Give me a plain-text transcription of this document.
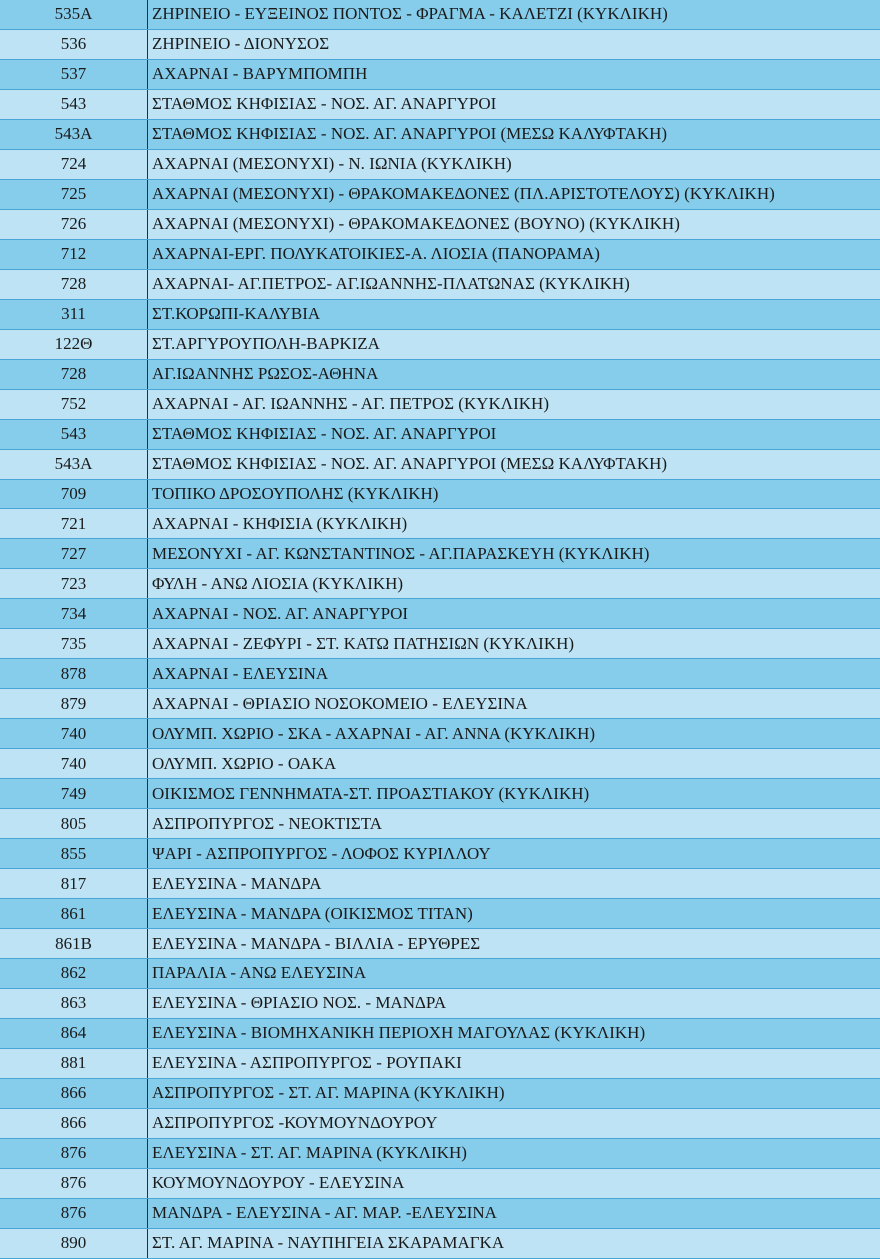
535Α	ΖΗΡΙΝΕΙΟ - ΕΥΞΕΙΝΟΣ ΠΟΝΤΟΣ - ΦΡΑΓΜΑ - ΚΑΛΕΤΖΙ (ΚΥΚΛΙΚΗ)
536	ΖΗΡΙΝΕΙΟ - ΔΙΟΝΥΣΟΣ
537	ΑΧΑΡΝΑΙ - ΒΑΡΥΜΠΟΜΠΗ
543	ΣΤΑΘΜΟΣ ΚΗΦΙΣΙΑΣ - ΝΟΣ. ΑΓ. ΑΝΑΡΓΥΡΟΙ
543Α	ΣΤΑΘΜΟΣ ΚΗΦΙΣΙΑΣ - ΝΟΣ. ΑΓ. ΑΝΑΡΓΥΡΟΙ (ΜΕΣΩ ΚΑΛΥΦΤΑΚΗ)
724	ΑΧΑΡΝΑΙ (ΜΕΣΟΝΥΧΙ) - Ν. ΙΩΝΙΑ (ΚΥΚΛΙΚΗ)
725	ΑΧΑΡΝΑΙ (ΜΕΣΟΝΥΧΙ) - ΘΡΑΚΟΜΑΚΕΔΟΝΕΣ (ΠΛ.ΑΡΙΣΤΟΤΕΛΟΥΣ) (ΚΥΚΛΙΚΗ)
726	ΑΧΑΡΝΑΙ (ΜΕΣΟΝΥΧΙ) - ΘΡΑΚΟΜΑΚΕΔΟΝΕΣ (ΒΟΥΝΟ) (ΚΥΚΛΙΚΗ)
712	ΑΧΑΡΝΑΙ-ΕΡΓ. ΠΟΛΥΚΑΤΟΙΚΙΕΣ-Α. ΛΙΟΣΙΑ (ΠΑΝΟΡΑΜΑ)
728	ΑΧΑΡΝΑΙ- ΑΓ.ΠΕΤΡΟΣ- ΑΓ.ΙΩΑΝΝΗΣ-ΠΛΑΤΩΝΑΣ (ΚΥΚΛΙΚΗ)
311	ΣΤ.ΚΟΡΩΠΙ-ΚΑΛΥΒΙΑ
122Θ	ΣΤ.ΑΡΓΥΡΟΥΠΟΛΗ-ΒΑΡΚΙΖΑ
728	ΑΓ.ΙΩΑΝΝΗΣ ΡΩΣΟΣ-ΑΘΗΝΑ
752	ΑΧΑΡΝΑΙ - ΑΓ. ΙΩΑΝΝΗΣ - ΑΓ. ΠΕΤΡΟΣ (ΚΥΚΛΙΚΗ)
543	ΣΤΑΘΜΟΣ ΚΗΦΙΣΙΑΣ - ΝΟΣ. ΑΓ. ΑΝΑΡΓΥΡΟΙ
543Α	ΣΤΑΘΜΟΣ ΚΗΦΙΣΙΑΣ - ΝΟΣ. ΑΓ. ΑΝΑΡΓΥΡΟΙ (ΜΕΣΩ ΚΑΛΥΦΤΑΚΗ)
709	ΤΟΠΙΚΟ ΔΡΟΣΟΥΠΟΛΗΣ (ΚΥΚΛΙΚΗ)
721	ΑΧΑΡΝΑΙ - ΚΗΦΙΣΙΑ (ΚΥΚΛΙΚΗ)
727	ΜΕΣΟΝΥΧΙ - ΑΓ. ΚΩΝΣΤΑΝΤΙΝΟΣ - ΑΓ.ΠΑΡΑΣΚΕΥΗ (ΚΥΚΛΙΚΗ)
723	ΦΥΛΗ - ΑΝΩ ΛΙΟΣΙΑ (ΚΥΚΛΙΚΗ)
734	ΑΧΑΡΝΑΙ - ΝΟΣ. ΑΓ. ΑΝΑΡΓΥΡΟΙ
735	ΑΧΑΡΝΑΙ - ΖΕΦΥΡΙ - ΣΤ. ΚΑΤΩ ΠΑΤΗΣΙΩΝ (ΚΥΚΛΙΚΗ)
878	ΑΧΑΡΝΑΙ - ΕΛΕΥΣΙΝΑ
879	ΑΧΑΡΝΑΙ - ΘΡΙΑΣΙΟ ΝΟΣΟΚΟΜΕΙΟ - ΕΛΕΥΣΙΝΑ
740	ΟΛΥΜΠ. ΧΩΡΙΟ - ΣΚΑ - ΑΧΑΡΝΑΙ - ΑΓ. ΑΝΝΑ (ΚΥΚΛΙΚΗ)
740	ΟΛΥΜΠ. ΧΩΡΙΟ - ΟΑΚΑ
749	ΟΙΚΙΣΜΟΣ ΓΕΝΝΗΜΑΤΑ-ΣΤ. ΠΡΟΑΣΤΙΑΚΟΥ (ΚΥΚΛΙΚΗ)
805	ΑΣΠΡΟΠΥΡΓΟΣ - ΝΕΟΚΤΙΣΤΑ
855	ΨΑΡΙ - ΑΣΠΡΟΠΥΡΓΟΣ - ΛΟΦΟΣ ΚΥΡΙΛΛΟΥ
817	ΕΛΕΥΣΙΝΑ - ΜΑΝΔΡΑ
861	ΕΛΕΥΣΙΝΑ - ΜΑΝΔΡΑ (ΟΙΚΙΣΜΟΣ ΤΙΤΑΝ)
861Β	ΕΛΕΥΣΙΝΑ - ΜΑΝΔΡΑ - ΒΙΛΛΙΑ - ΕΡΥΘΡΕΣ
862	ΠΑΡΑΛΙΑ - ΑΝΩ ΕΛΕΥΣΙΝΑ
863	ΕΛΕΥΣΙΝΑ - ΘΡΙΑΣΙΟ ΝΟΣ. - ΜΑΝΔΡΑ
864	ΕΛΕΥΣΙΝΑ - ΒΙΟΜΗΧΑΝΙΚΗ ΠΕΡΙΟΧΗ ΜΑΓΟΥΛΑΣ (ΚΥΚΛΙΚΗ)
881	ΕΛΕΥΣΙΝΑ - ΑΣΠΡΟΠΥΡΓΟΣ - ΡΟΥΠΑΚΙ
866	ΑΣΠΡΟΠΥΡΓΟΣ - ΣΤ. ΑΓ. ΜΑΡΙΝΑ (ΚΥΚΛΙΚΗ)
866	ΑΣΠΡΟΠΥΡΓΟΣ -ΚΟΥΜΟΥΝΔΟΥΡΟΥ
876	ΕΛΕΥΣΙΝΑ - ΣΤ. ΑΓ. ΜΑΡΙΝΑ (ΚΥΚΛΙΚΗ)
876	ΚΟΥΜΟΥΝΔΟΥΡΟΥ - ΕΛΕΥΣΙΝΑ
876	ΜΑΝΔΡΑ - ΕΛΕΥΣΙΝΑ - ΑΓ. ΜΑΡ. -ΕΛΕΥΣΙΝΑ
890	ΣΤ. ΑΓ. ΜΑΡΙΝΑ - ΝΑΥΠΗΓΕΙΑ ΣΚΑΡΑΜΑΓΚΑ
